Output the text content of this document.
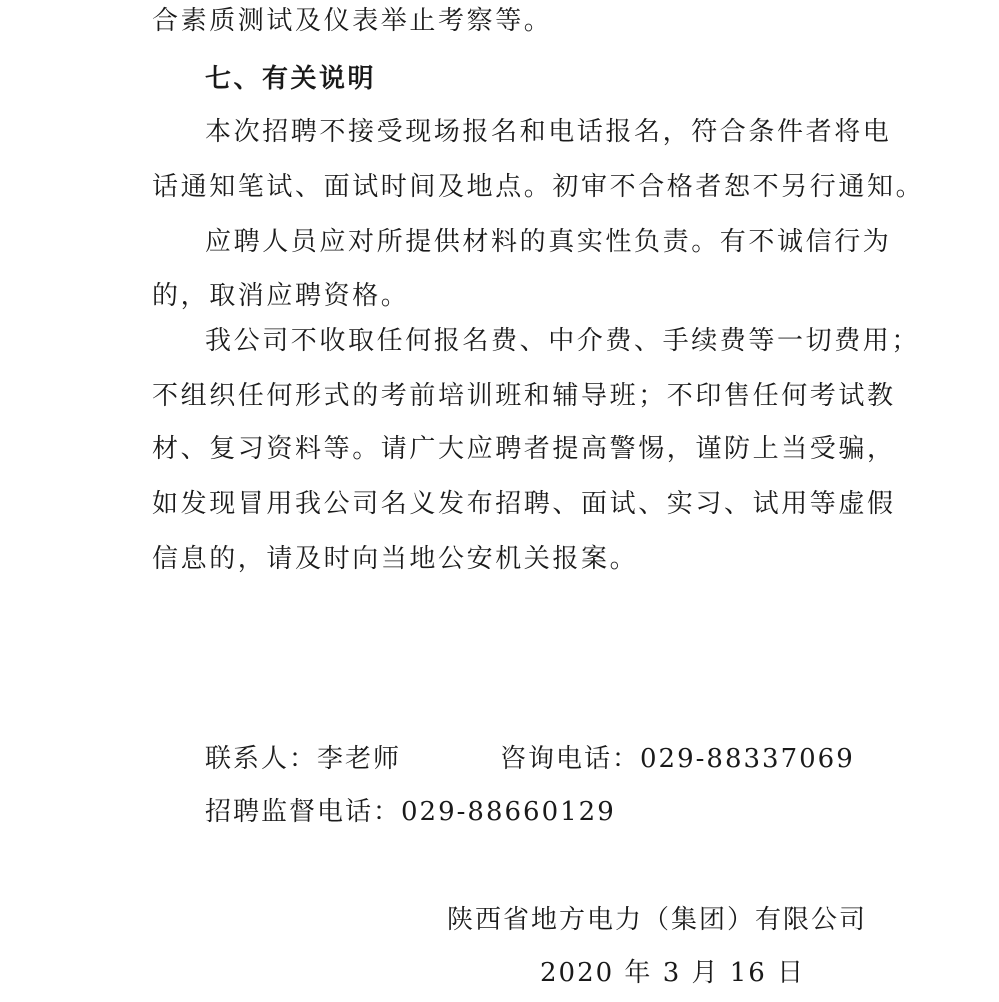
合素质测试及仪表举止考察等。
七、有关说明
本次招聘不接受现场报名和电话报名，符合条件者将电
话通知笔试、面试时间及地点。初审不合格者恕不另行通知。
应聘人员应对所提供材料的真实性负责。有不诚信行为
的，取消应聘资格。
我公司不收取任何报名费、中介费、手续费等一切费用；
不组织任何形式的考前培训班和辅导班；不印售任何考试教
材、复习资料等。请广大应聘者提高警惕，谨防上当受骗，
如发现冒用我公司名义发布招聘、面试、实习、试用等虚假
信息的，请及时向当地公安机关报案。
联系人：李老师	咨询电话：029-88337069
招聘监督电话：029-88660129
陕西省地方电力（集团）有限公司
2020 年 3 月 16 日
